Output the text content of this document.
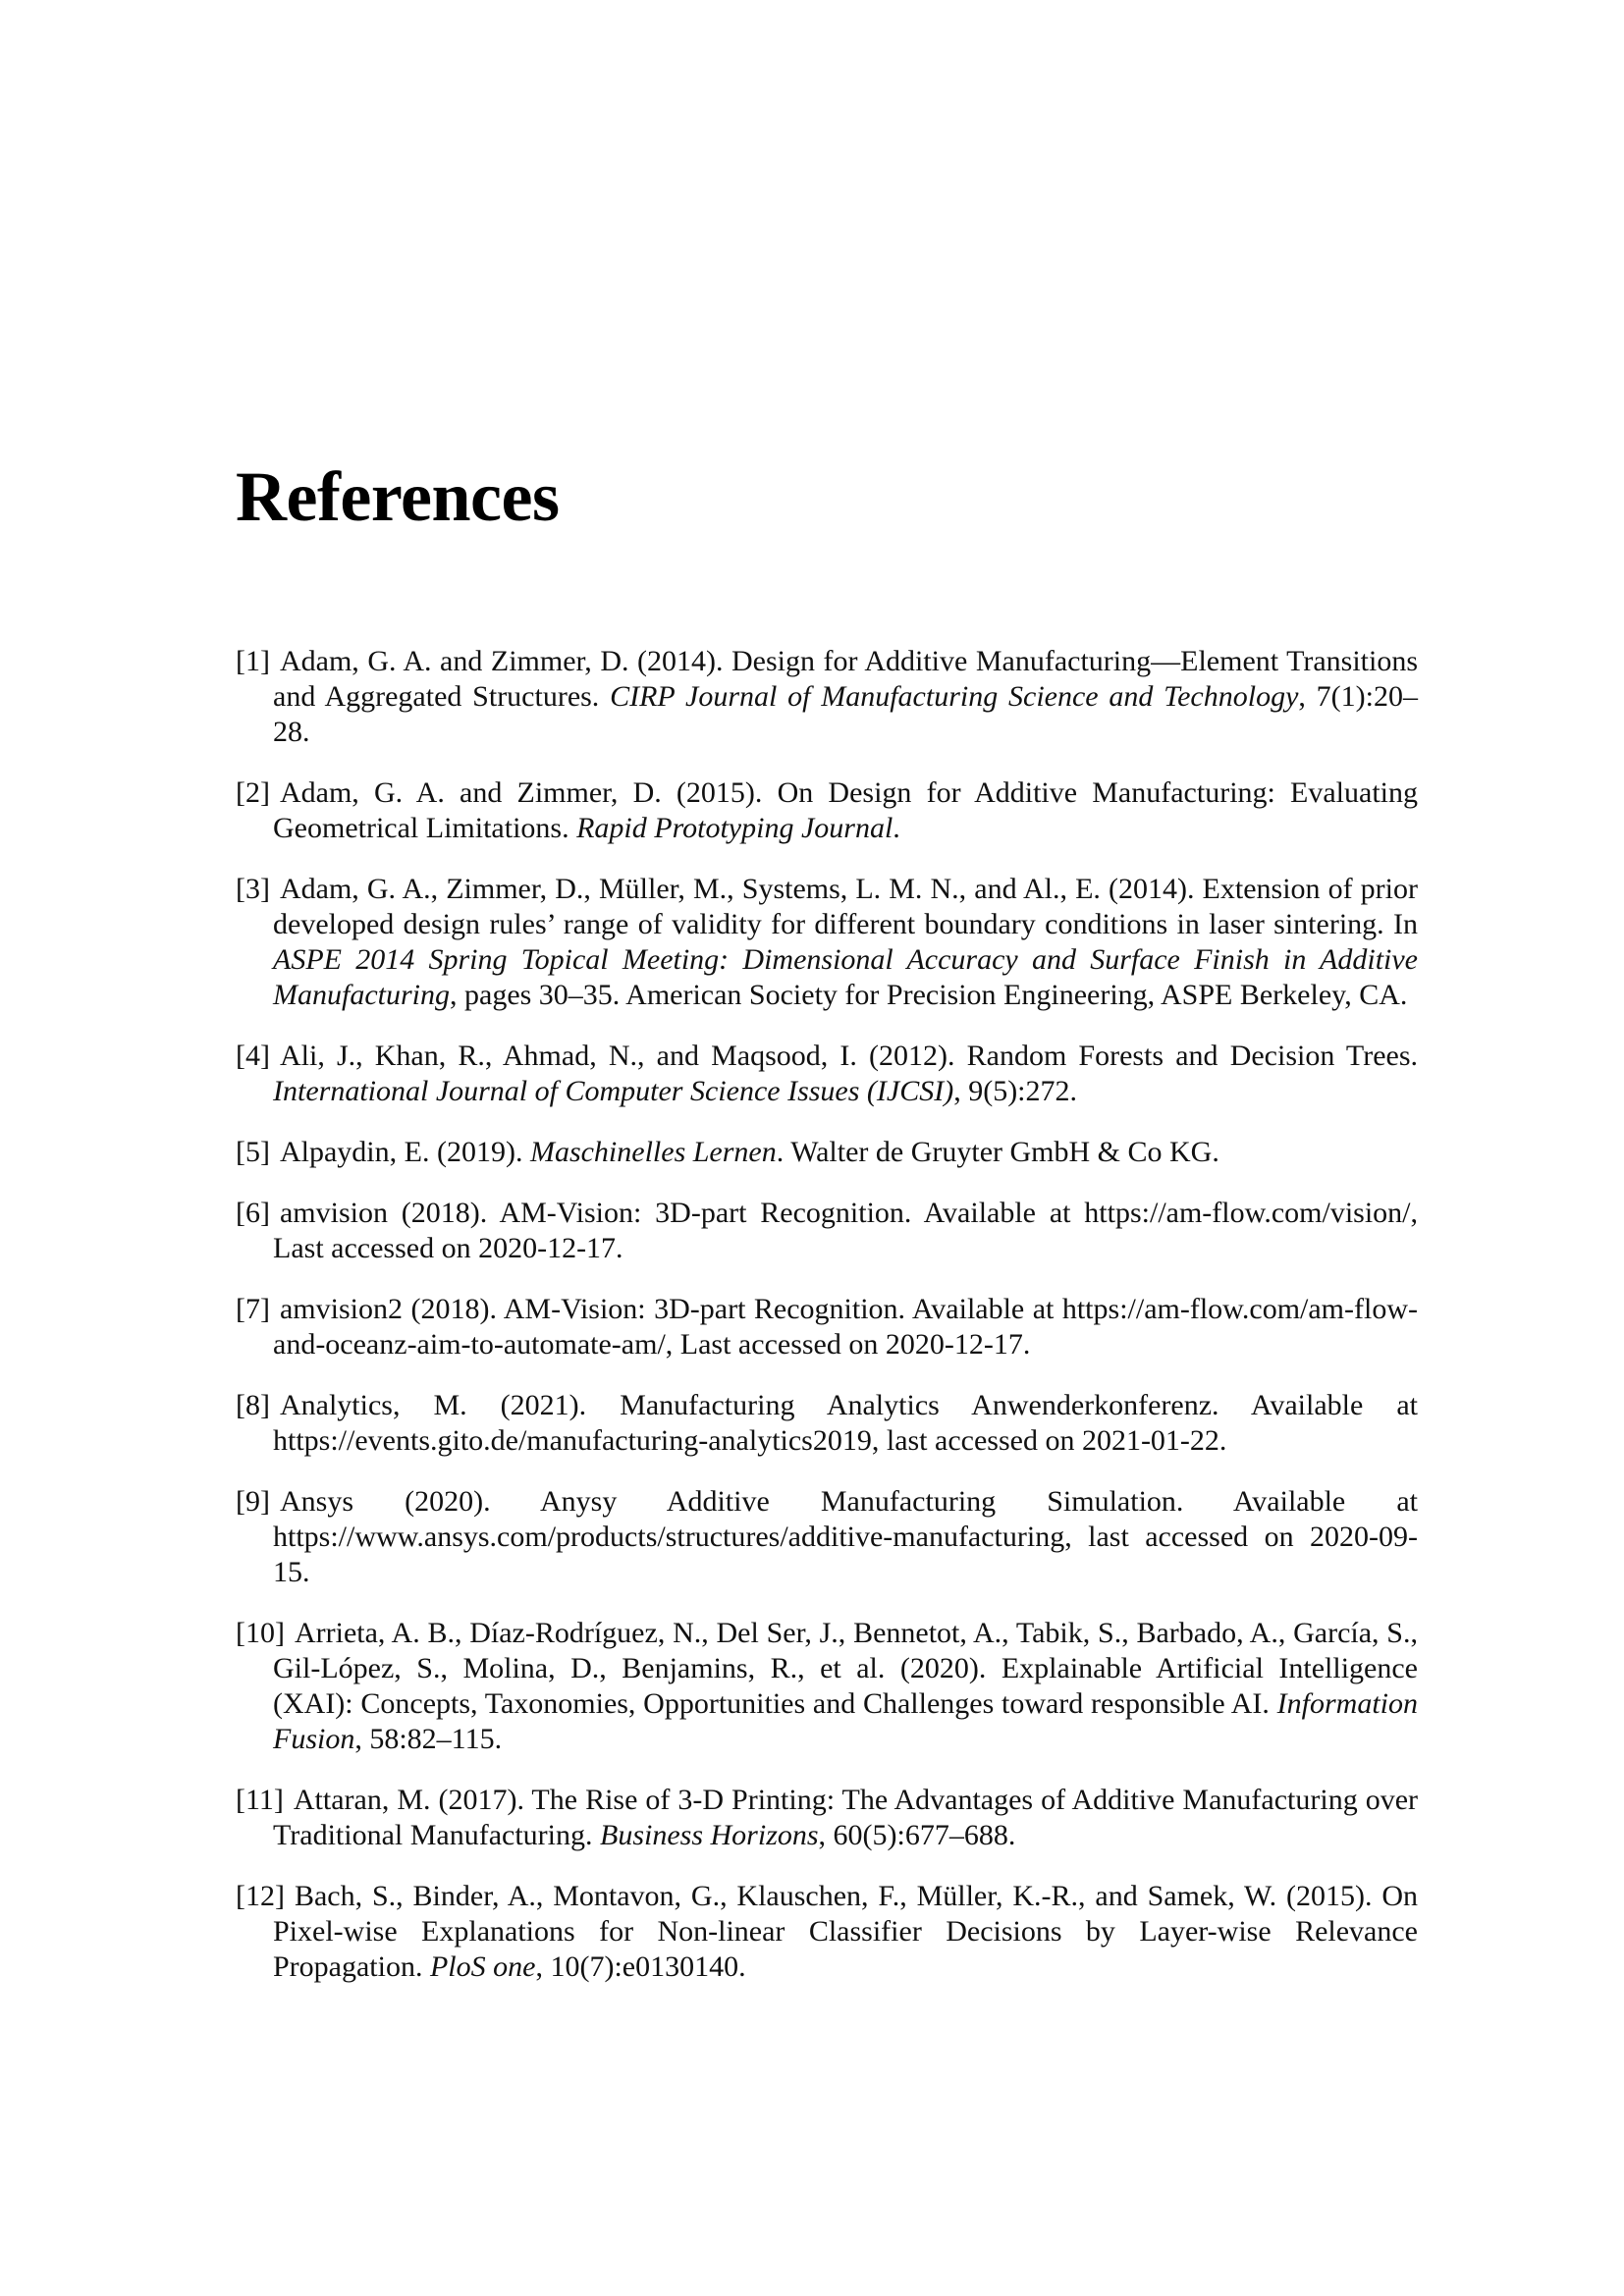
References
[1] Adam, G. A. and Zimmer, D. (2014). Design for Additive Manufacturing—Element Transitions and Aggregated Structures. CIRP Journal of Manufacturing Science and Technology, 7(1):20–28.
[2] Adam, G. A. and Zimmer, D. (2015). On Design for Additive Manufacturing: Evaluating Geometrical Limitations. Rapid Prototyping Journal.
[3] Adam, G. A., Zimmer, D., Müller, M., Systems, L. M. N., and Al., E. (2014). Extension of prior developed design rules’ range of validity for different boundary conditions in laser sintering. In ASPE 2014 Spring Topical Meeting: Dimensional Accuracy and Surface Finish in Additive Manufacturing, pages 30–35. American Society for Precision Engineering, ASPE Berkeley, CA.
[4] Ali, J., Khan, R., Ahmad, N., and Maqsood, I. (2012). Random Forests and Decision Trees. International Journal of Computer Science Issues (IJCSI), 9(5):272.
[5] Alpaydin, E. (2019). Maschinelles Lernen. Walter de Gruyter GmbH & Co KG.
[6] amvision (2018). AM-Vision: 3D-part Recognition. Available at https://am-flow.com/vision/, Last accessed on 2020-12-17.
[7] amvision2 (2018). AM-Vision: 3D-part Recognition. Available at https://am-flow.com/am-flow-and-oceanz-aim-to-automate-am/, Last accessed on 2020-12-17.
[8] Analytics, M. (2021). Manufacturing Analytics Anwenderkonferenz. Available at https://events.gito.de/manufacturing-analytics2019, last accessed on 2021-01-22.
[9] Ansys (2020). Anysy Additive Manufacturing Simulation. Available at https://www.ansys.com/products/structures/additive-manufacturing, last accessed on 2020-09-15.
[10] Arrieta, A. B., Díaz-Rodríguez, N., Del Ser, J., Bennetot, A., Tabik, S., Barbado, A., García, S., Gil-López, S., Molina, D., Benjamins, R., et al. (2020). Explainable Artificial Intelligence (XAI): Concepts, Taxonomies, Opportunities and Challenges toward responsible AI. Information Fusion, 58:82–115.
[11] Attaran, M. (2017). The Rise of 3-D Printing: The Advantages of Additive Manufacturing over Traditional Manufacturing. Business Horizons, 60(5):677–688.
[12] Bach, S., Binder, A., Montavon, G., Klauschen, F., Müller, K.-R., and Samek, W. (2015). On Pixel-wise Explanations for Non-linear Classifier Decisions by Layer-wise Relevance Propagation. PloS one, 10(7):e0130140.
